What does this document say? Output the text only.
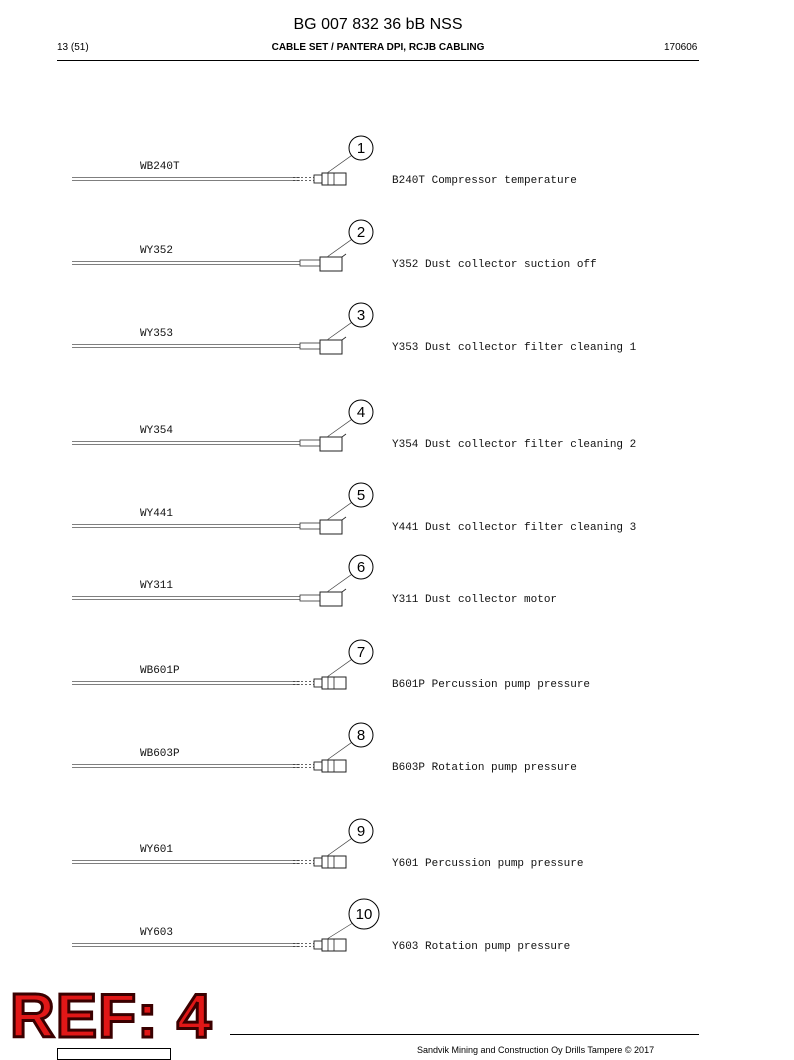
BG 007 832 36 bB NSS
13 (51)	CABLE SET / PANTERA DPI, RCJB CABLING	170606
1
WB240T
B240T Compressor temperature
2
WY352
Y352 Dust collector suction off
3
WY353
Y353 Dust collector filter cleaning 1
4
WY354
Y354 Dust collector filter cleaning 2
5
WY441
Y441 Dust collector filter cleaning 3
6
WY311
Y311 Dust collector motor
7
WB601P
B601P Percussion pump pressure
8
WB603P
B603P Rotation pump pressure
9
WY601
Y601 Percussion pump pressure
10
WY603
Y603 Rotation pump pressure
Sandvik Mining and Construction Oy Drills Tampere © 2017
REF: 4
